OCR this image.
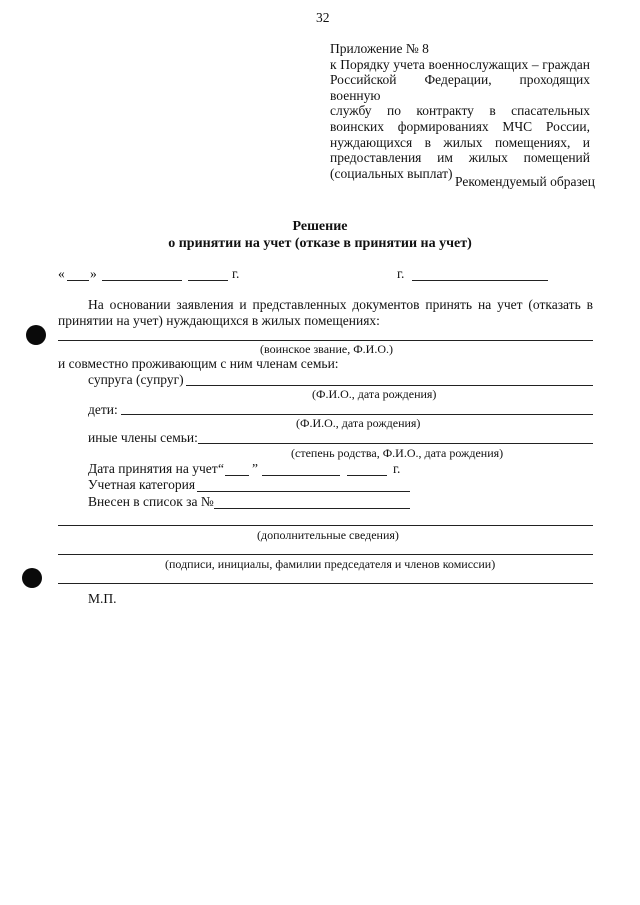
32
Приложение № 8
к Порядку учета военнослужащих – граждан
Российской Федерации, проходящих военную
службу по контракту в спасательных
воинских формированиях МЧС России,
нуждающихся в жилых помещениях, и
предоставления им жилых помещений
(социальных выплат)
Рекомендуемый образец
Решение
о принятии на учет (отказе в принятии на учет)
« »	г.	г.
На основании заявления и представленных документов принять на учет (отказать в
принятии на учет) нуждающихся в жилых помещениях:
(воинское звание, Ф.И.О.)
и совместно проживающим с ним членам семьи:
супруга (супруг)
(Ф.И.О., дата рождения)
дети:
(Ф.И.О., дата рождения)
иные члены семьи:
(степень родства, Ф.И.О., дата рождения)
Дата принятия на учет “ ”	г.
Учетная категория
Внесен в список за №
(дополнительные сведения)
(подписи, инициалы, фамилии председателя и членов комиссии)
М.П.
